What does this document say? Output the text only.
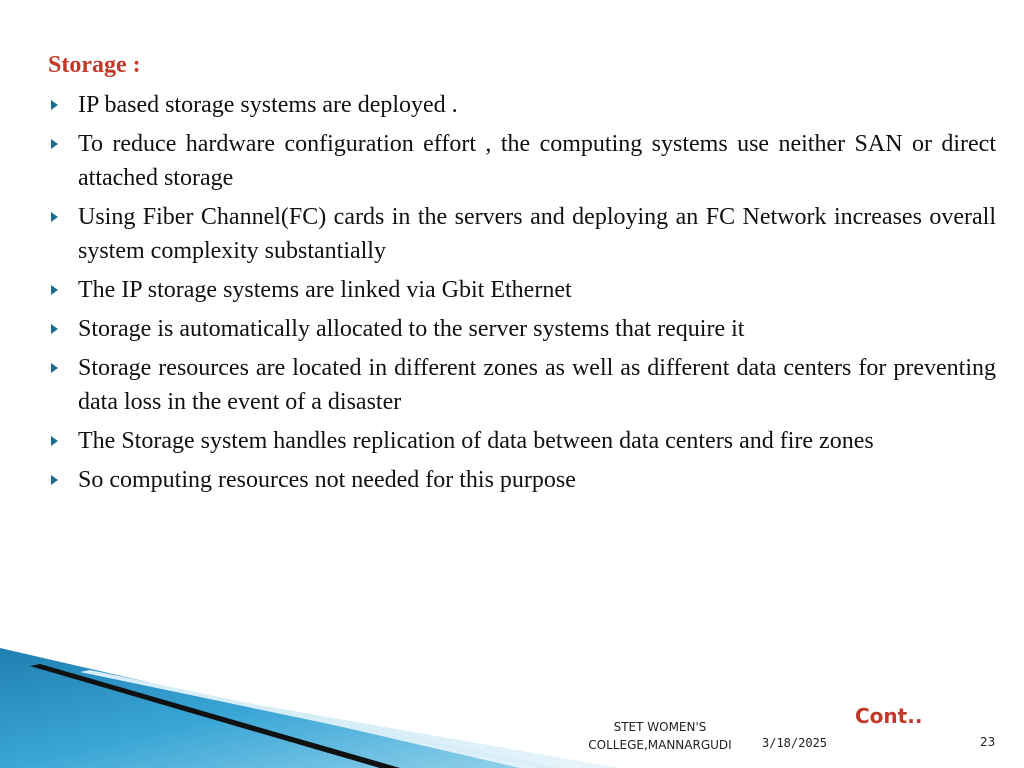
Storage :
IP based storage systems are deployed .
To reduce hardware configuration effort , the computing systems use neither SAN or direct attached storage
Using Fiber Channel(FC) cards in the servers and deploying an FC Network increases overall system complexity substantially
The IP storage systems are linked via Gbit Ethernet
Storage is automatically allocated to the server systems that require it
Storage resources are located in different zones as well as different data centers for preventing data loss in the event of a disaster
The Storage system handles replication of data between data centers and fire zones
So computing resources not needed for this purpose
Cont..
STET WOMEN'S
COLLEGE,MANNARGUDI	3/18/2025	23
